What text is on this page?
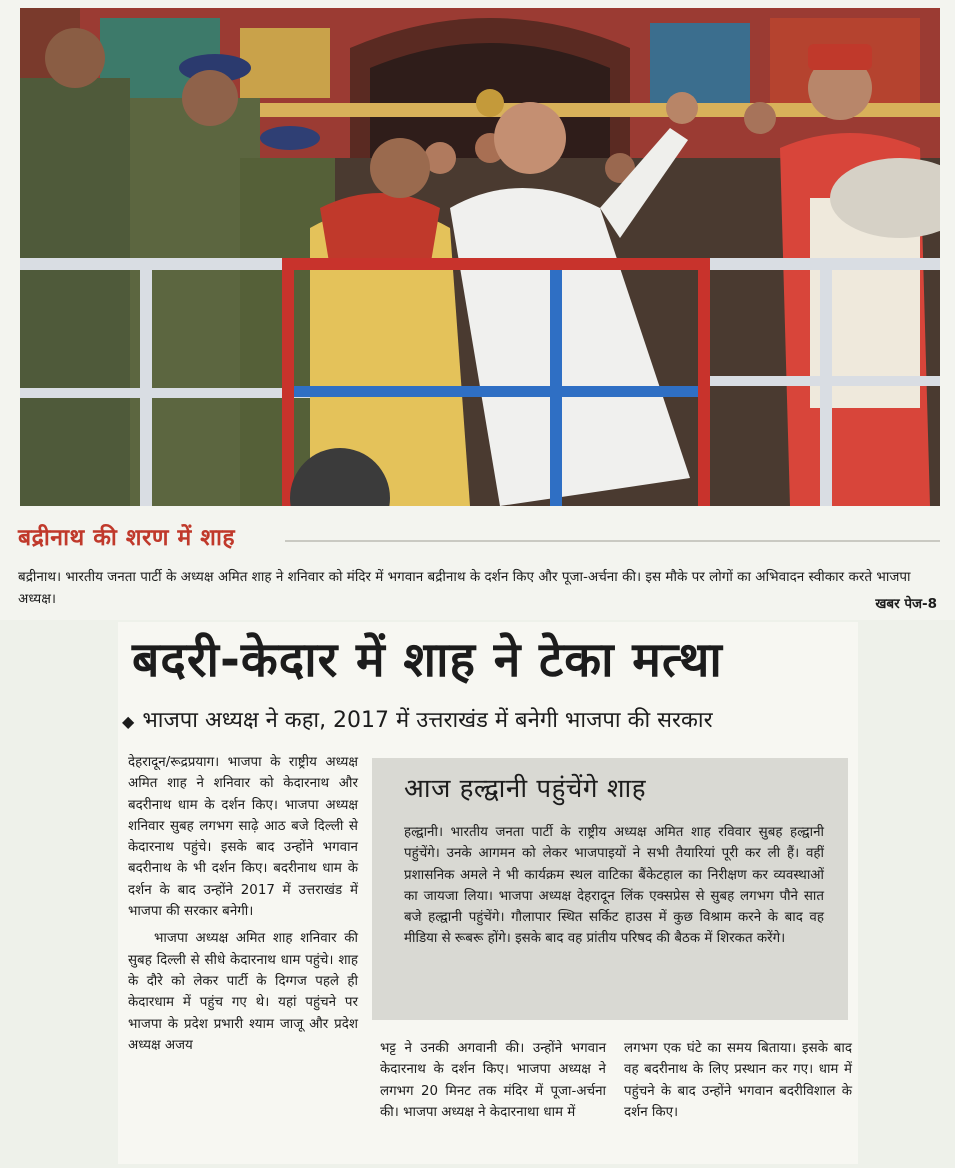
बद्रीनाथ की शरण में शाह
बद्रीनाथ। भारतीय जनता पार्टी के अध्यक्ष अमित शाह ने शनिवार को मंदिर में भगवान बद्रीनाथ के दर्शन किए और पूजा-अर्चना की। इस मौके पर लोगों का अभिवादन स्वीकार करते भाजपा अध्यक्ष।	खबर पेज-8
बदरी-केदार में शाह ने टेका मत्था
◆ भाजपा अध्यक्ष ने कहा, 2017 में उत्तराखंड में बनेगी भाजपा की सरकार

देहरादून/रूद्रप्रयाग। भाजपा के राष्ट्रीय अध्यक्ष अमित शाह ने शनिवार को केदारनाथ और बदरीनाथ धाम के दर्शन किए। भाजपा अध्यक्ष शनिवार सुबह लगभग साढ़े आठ बजे दिल्ली से केदारनाथ पहुंचे। इसके बाद उन्होंने भगवान बदरीनाथ के भी दर्शन किए। बदरीनाथ धाम के दर्शन के बाद उन्होंने 2017 में उत्तराखंड में भाजपा की सरकार बनेगी।

भाजपा अध्यक्ष अमित शाह शनिवार की सुबह दिल्ली से सीधे केदारनाथ धाम पहुंचे। शाह के दौरे को लेकर पार्टी के दिग्गज पहले ही केदारधाम में पहुंच गए थे। यहां पहुंचने पर भाजपा के प्रदेश प्रभारी श्याम जाजू और प्रदेश अध्यक्ष अजय

आज हल्द्वानी पहुंचेंगे शाह
हल्द्वानी। भारतीय जनता पार्टी के राष्ट्रीय अध्यक्ष अमित शाह रविवार सुबह हल्द्वानी पहुंचेंगे। उनके आगमन को लेकर भाजपाइयों ने सभी तैयारियां पूरी कर ली हैं। वहीं प्रशासनिक अमले ने भी कार्यक्रम स्थल वाटिका बैंकेटहाल का निरीक्षण कर व्यवस्थाओं का जायजा लिया। भाजपा अध्यक्ष देहरादून लिंक एक्सप्रेस से सुबह लगभग पौने सात बजे हल्द्वानी पहुंचेंगे। गौलापार स्थित सर्किट हाउस में कुछ विश्राम करने के बाद वह मीडिया से रूबरू होंगे। इसके बाद वह प्रांतीय परिषद की बैठक में शिरकत करेंगे।

भट्ट ने उनकी अगवानी की। उन्होंने भगवान केदारनाथ के दर्शन किए। भाजपा अध्यक्ष ने लगभग 20 मिनट तक मंदिर में पूजा-अर्चना की। भाजपा अध्यक्ष ने केदारनाथा धाम में

लगभग एक घंटे का समय बिताया। इसके बाद वह बदरीनाथ के लिए प्रस्थान कर गए। धाम में पहुंचने के बाद उन्होंने भगवान बदरीविशाल के दर्शन किए।
